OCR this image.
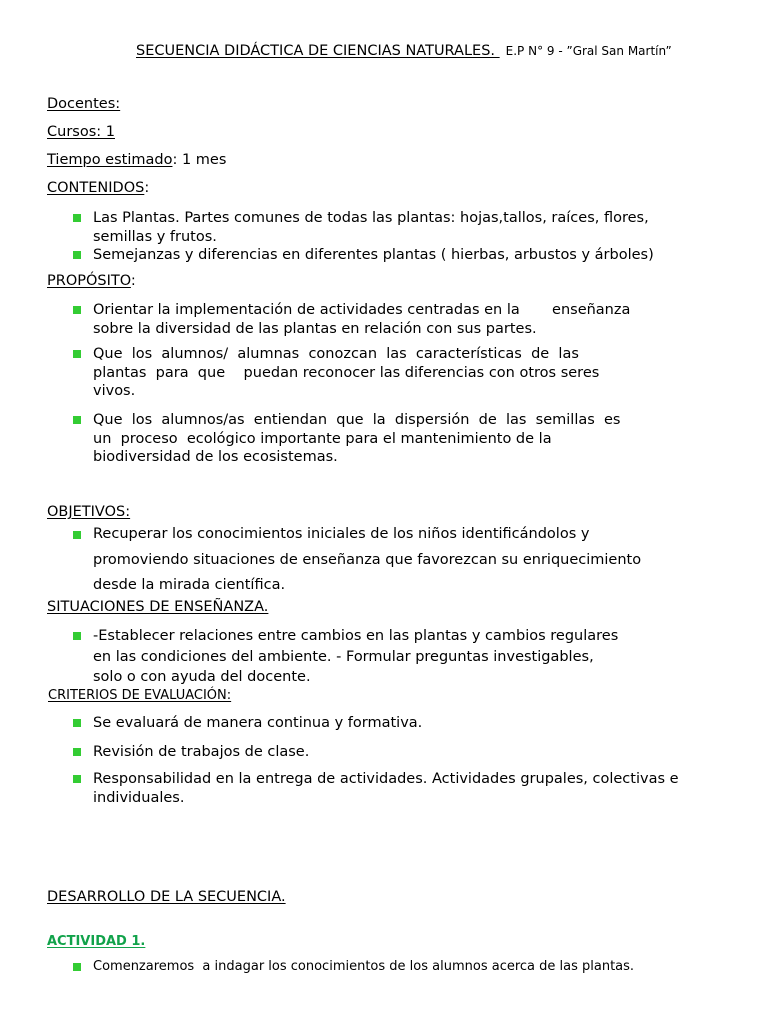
SECUENCIA DIDÁCTICA DE CIENCIAS NATURALES. E.P N° 9 - ”Gral San Martín”
Docentes:
Cursos: 1
Tiempo estimado: 1 mes
CONTENIDOS:
Las Plantas. Partes comunes de todas las plantas: hojas,tallos, raíces, flores,
semillas y frutos.
Semejanzas y diferencias en diferentes plantas ( hierbas, arbustos y árboles)
PROPÓSITO:
Orientar la implementación de actividades centradas en la       enseñanza
sobre la diversidad de las plantas en relación con sus partes.
Que  los  alumnos/  alumnas  conozcan  las  características  de  las
plantas  para  que    puedan reconocer las diferencias con otros seres
vivos.
Que  los  alumnos/as  entiendan  que  la  dispersión  de  las  semillas  es
un  proceso  ecológico importante para el mantenimiento de la
biodiversidad de los ecosistemas.
OBJETIVOS:
Recuperar los conocimientos iniciales de los niños identificándolos y
promoviendo situaciones de enseñanza que favorezcan su enriquecimiento
desde la mirada científica.
SITUACIONES DE ENSEÑANZA.
-Establecer relaciones entre cambios en las plantas y cambios regulares
en las condiciones del ambiente. - Formular preguntas investigables,
solo o con ayuda del docente.
CRITERIOS DE EVALUACIÓN:
Se evaluará de manera continua y formativa.
Revisión de trabajos de clase.
Responsabilidad en la entrega de actividades. Actividades grupales, colectivas e
individuales.
DESARROLLO DE LA SECUENCIA.
ACTIVIDAD 1.
Comenzaremos  a indagar los conocimientos de los alumnos acerca de las plantas.
